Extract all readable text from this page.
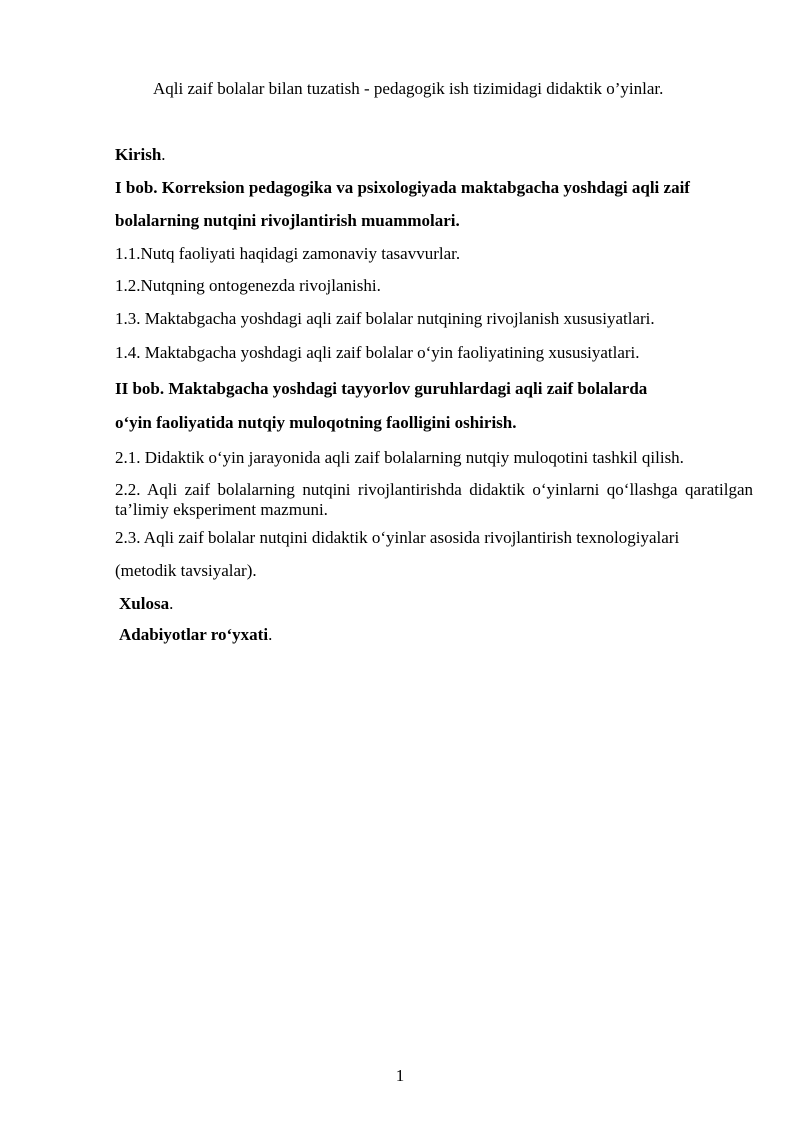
Aqli zaif bolalar bilan tuzatish - pedagogik ish tizimidagi didaktik o’yinlar.
Kirish.
I bob. Korreksion pedagogika va psixologiyada maktabgacha yoshdagi aqli zaif
bolalarning nutqini rivojlantirish muammolari.
1.1.Nutq faoliyati haqidagi zamonaviy tasavvurlar.
1.2.Nutqning ontogenezda rivojlanishi.
1.3. Maktabgacha yoshdagi aqli zaif bolalar nutqining rivojlanish xususiyatlari.
1.4. Maktabgacha yoshdagi aqli zaif bolalar o‘yin faoliyatining xususiyatlari.
II bob. Maktabgacha yoshdagi tayyorlov guruhlardagi aqli zaif bolalarda
o‘yin faoliyatida nutqiy muloqotning faolligini oshirish.
2.1. Didaktik o‘yin jarayonida aqli zaif bolalarning nutqiy muloqotini tashkil qilish.
2.2. Aqli zaif bolalarning nutqini rivojlantirishda didaktik o‘yinlarni qo‘llashga qaratilgan ta’limiy eksperiment mazmuni.
2.3. Aqli zaif bolalar nutqini didaktik o‘yinlar asosida rivojlantirish texnologiyalari
(metodik tavsiyalar).
Xulosa.
Adabiyotlar ro‘yxati.
1
